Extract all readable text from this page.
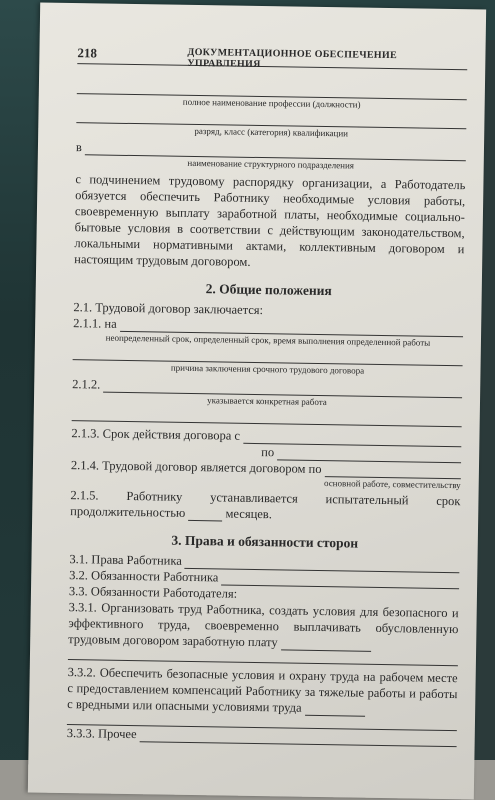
218	ДОКУМЕНТАЦИОННОЕ ОБЕСПЕЧЕНИЕ УПРАВЛЕНИЯ
полное наименование профессии (должности)
разряд, класс (категория) квалификации
в
наименование структурного подразделения

с подчинением трудовому распорядку организации, а Работодатель обязуется обеспечить Работнику необходимые условия работы, своевременную выплату заработной платы, необходимые социально-бытовые условия в соответствии с действующим законодательством, локальными нормативными актами, коллективным договором и настоящим трудовым договором.

2. Общие положения
2.1. Трудовой договор заключается:
2.1.1. на
неопределенный срок, определенный срок, время выполнения определенной работы
причина заключения срочного трудового договора
2.1.2.
указывается конкретная работа
2.1.3. Срок действия договора с
по
2.1.4. Трудовой договор является договором по
основной работе, совместительству

2.1.5. Работнику устанавливается испытательный срок продолжительностью	месяцев.

3. Права и обязанности сторон
3.1. Права Работника
3.2. Обязанности Работника
3.3. Обязанности Работодателя:

3.3.1. Организовать труд Работника, создать условия для безопасного и эффективного труда, своевременно выплачивать обусловленную трудовым договором заработную плату

3.3.2. Обеспечить безопасные условия и охрану труда на рабочем месте с предоставлением компенсаций Работнику за тяжелые работы и работы с вредными или опасными условиями труда

3.3.3. Прочее
